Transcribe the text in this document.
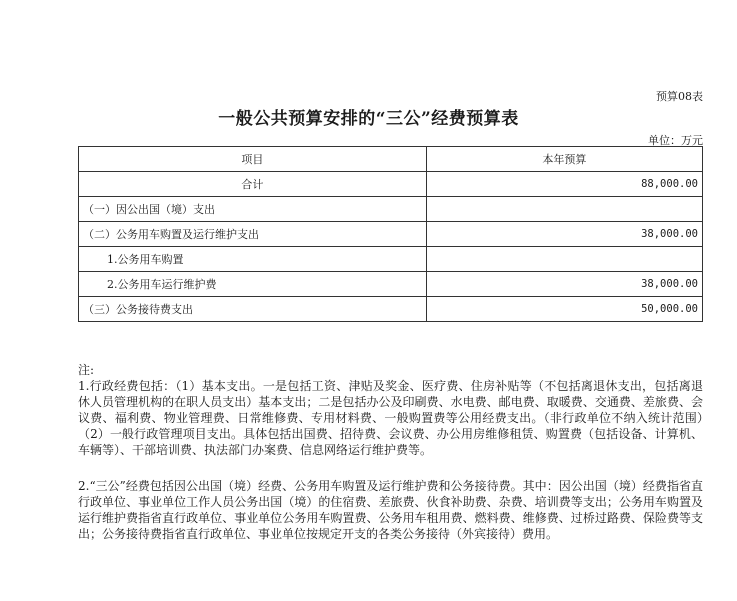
预算08表
一般公共预算安排的“三公”经费预算表
单位：万元
项目	本年预算
合计	88,000.00
（一）因公出国（境）支出	
（二）公务用车购置及运行维护支出	38,000.00
1.公务用车购置	
2.公务用车运行维护费	38,000.00
（三）公务接待费支出	50,000.00

注:

1.行政经费包括：（1）基本支出。一是包括工资、津贴及奖金、医疗费、住房补贴等（不包括离退休支出，包括离退休人员管理机构的在职人员支出）基本支出；二是包括办公及印刷费、水电费、邮电费、取暖费、交通费、差旅费、会议费、福利费、物业管理费、日常维修费、专用材料费、一般购置费等公用经费支出。（非行政单位不纳入统计范围）　　（2）一般行政管理项目支出。具体包括出国费、招待费、会议费、办公用房维修租赁、购置费（包括设备、计算机、车辆等）、干部培训费、执法部门办案费、信息网络运行维护费等。

2.“三公”经费包括因公出国（境）经费、公务用车购置及运行维护费和公务接待费。其中：因公出国（境）经费指省直行政单位、事业单位工作人员公务出国（境）的住宿费、差旅费、伙食补助费、杂费、培训费等支出；公务用车购置及运行维护费指省直行政单位、事业单位公务用车购置费、公务用车租用费、燃料费、维修费、过桥过路费、保险费等支出；公务接待费指省直行政单位、事业单位按规定开支的各类公务接待（外宾接待）费用。
